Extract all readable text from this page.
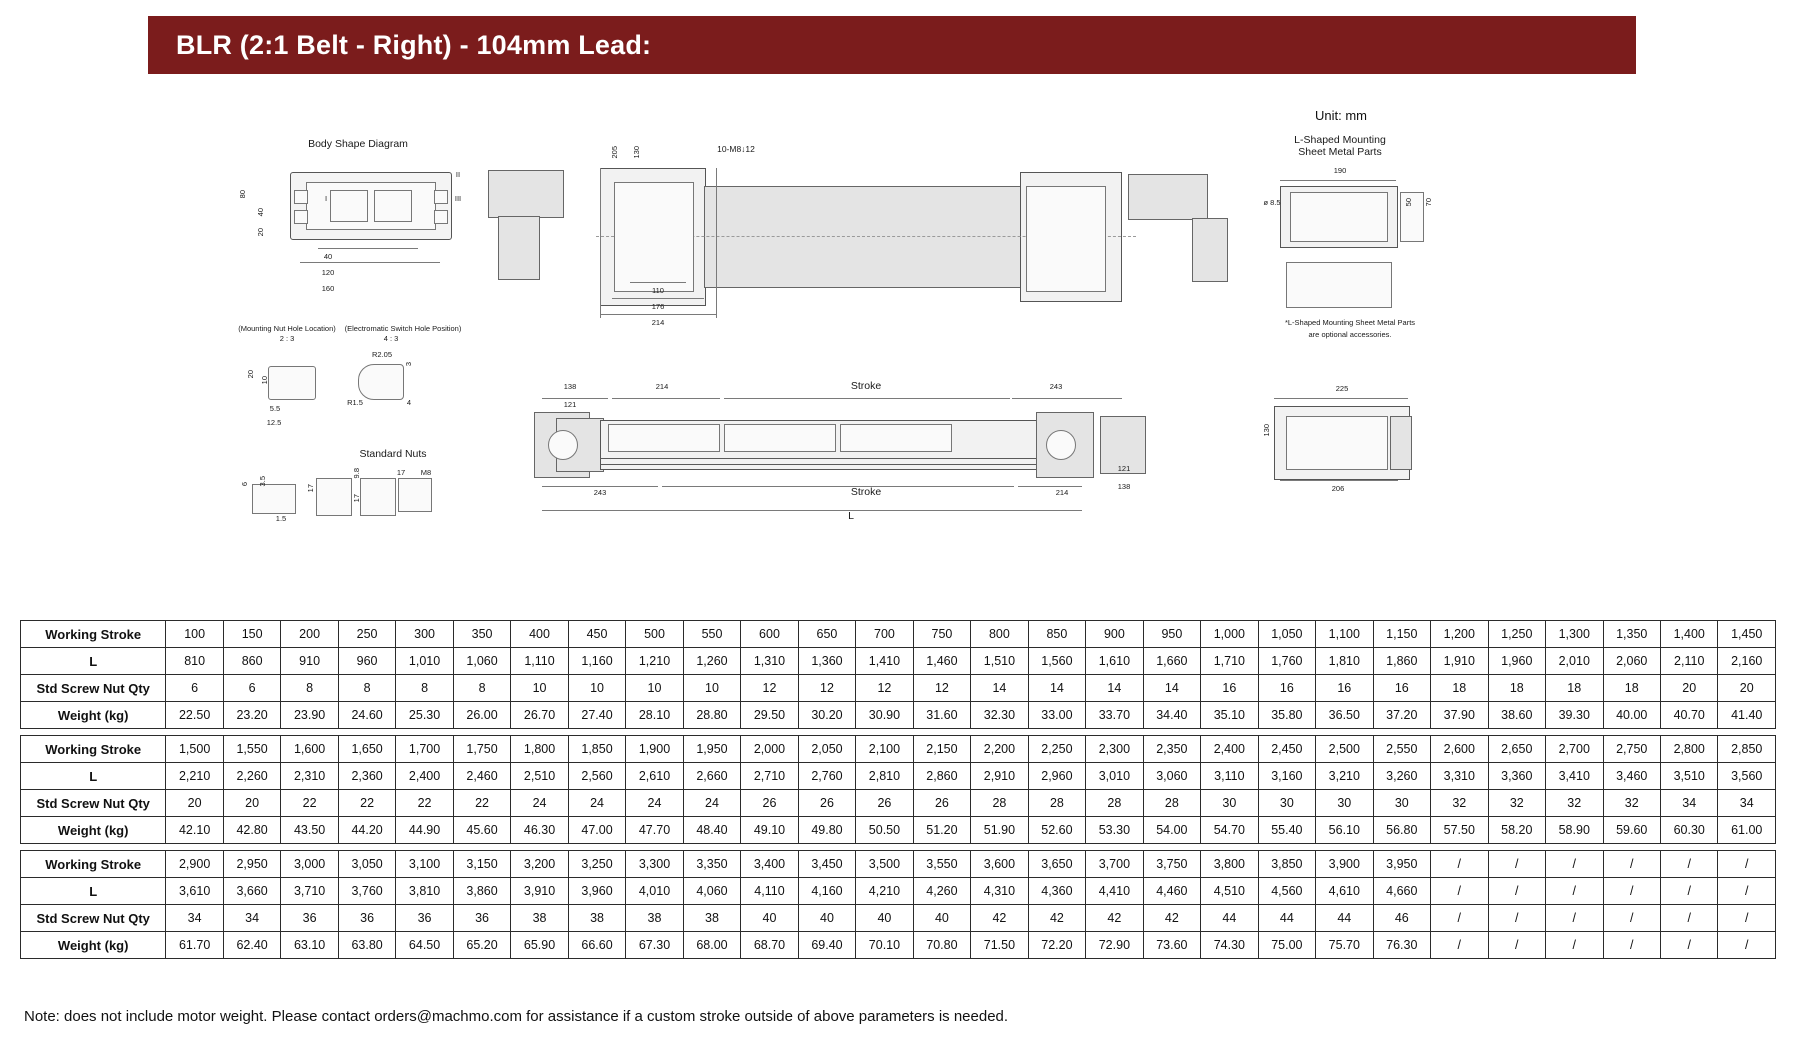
BLR (2:1 Belt - Right) - 104mm Lead:
Unit: mm
Body Shape Diagram
I
II
III
80
40
20
40
120
160
(Mounting Nut Hole Location)	(Electromatic Switch Hole Position)
2 : 3	4 : 3
R2.05
R1.5
3
4
20
10
5.5
12.5
Standard Nuts
6 3.5
1.5
17
9.8
17
17	M8
205 130	10-M8↓12
110
176
214
L-Shaped Mounting
Sheet Metal Parts
190
ø 8.5	50 70
*L-Shaped Mounting Sheet Metal Parts
are optional accessories.
138
121
214	Stroke	243
243	Stroke	214
121
138
L
225
130
206
Working Stroke	100	150	200	250	300	350	400	450	500	550	600	650	700	750	800	850	900	950	1,000	1,050	1,100	1,150	1,200	1,250	1,300	1,350	1,400	1,450
L	810	860	910	960	1,010	1,060	1,110	1,160	1,210	1,260	1,310	1,360	1,410	1,460	1,510	1,560	1,610	1,660	1,710	1,760	1,810	1,860	1,910	1,960	2,010	2,060	2,110	2,160
Std Screw Nut Qty	6	6	8	8	8	8	10	10	10	10	12	12	12	12	14	14	14	14	16	16	16	16	18	18	18	18	20	20
Weight (kg)	22.50	23.20	23.90	24.60	25.30	26.00	26.70	27.40	28.10	28.80	29.50	30.20	30.90	31.60	32.30	33.00	33.70	34.40	35.10	35.80	36.50	37.20	37.90	38.60	39.30	40.00	40.70	41.40

Working Stroke	1,500	1,550	1,600	1,650	1,700	1,750	1,800	1,850	1,900	1,950	2,000	2,050	2,100	2,150	2,200	2,250	2,300	2,350	2,400	2,450	2,500	2,550	2,600	2,650	2,700	2,750	2,800	2,850
L	2,210	2,260	2,310	2,360	2,400	2,460	2,510	2,560	2,610	2,660	2,710	2,760	2,810	2,860	2,910	2,960	3,010	3,060	3,110	3,160	3,210	3,260	3,310	3,360	3,410	3,460	3,510	3,560
Std Screw Nut Qty	20	20	22	22	22	22	24	24	24	24	26	26	26	26	28	28	28	28	30	30	30	30	32	32	32	32	34	34
Weight (kg)	42.10	42.80	43.50	44.20	44.90	45.60	46.30	47.00	47.70	48.40	49.10	49.80	50.50	51.20	51.90	52.60	53.30	54.00	54.70	55.40	56.10	56.80	57.50	58.20	58.90	59.60	60.30	61.00

Working Stroke	2,900	2,950	3,000	3,050	3,100	3,150	3,200	3,250	3,300	3,350	3,400	3,450	3,500	3,550	3,600	3,650	3,700	3,750	3,800	3,850	3,900	3,950	/	/	/	/	/	/
L	3,610	3,660	3,710	3,760	3,810	3,860	3,910	3,960	4,010	4,060	4,110	4,160	4,210	4,260	4,310	4,360	4,410	4,460	4,510	4,560	4,610	4,660	/	/	/	/	/	/
Std Screw Nut Qty	34	34	36	36	36	36	38	38	38	38	40	40	40	40	42	42	42	42	44	44	44	46	/	/	/	/	/	/
Weight (kg)	61.70	62.40	63.10	63.80	64.50	65.20	65.90	66.60	67.30	68.00	68.70	69.40	70.10	70.80	71.50	72.20	72.90	73.60	74.30	75.00	75.70	76.30	/	/	/	/	/	/
Note: does not include motor weight. Please contact orders@machmo.com for assistance if a custom stroke outside of above parameters is needed.
